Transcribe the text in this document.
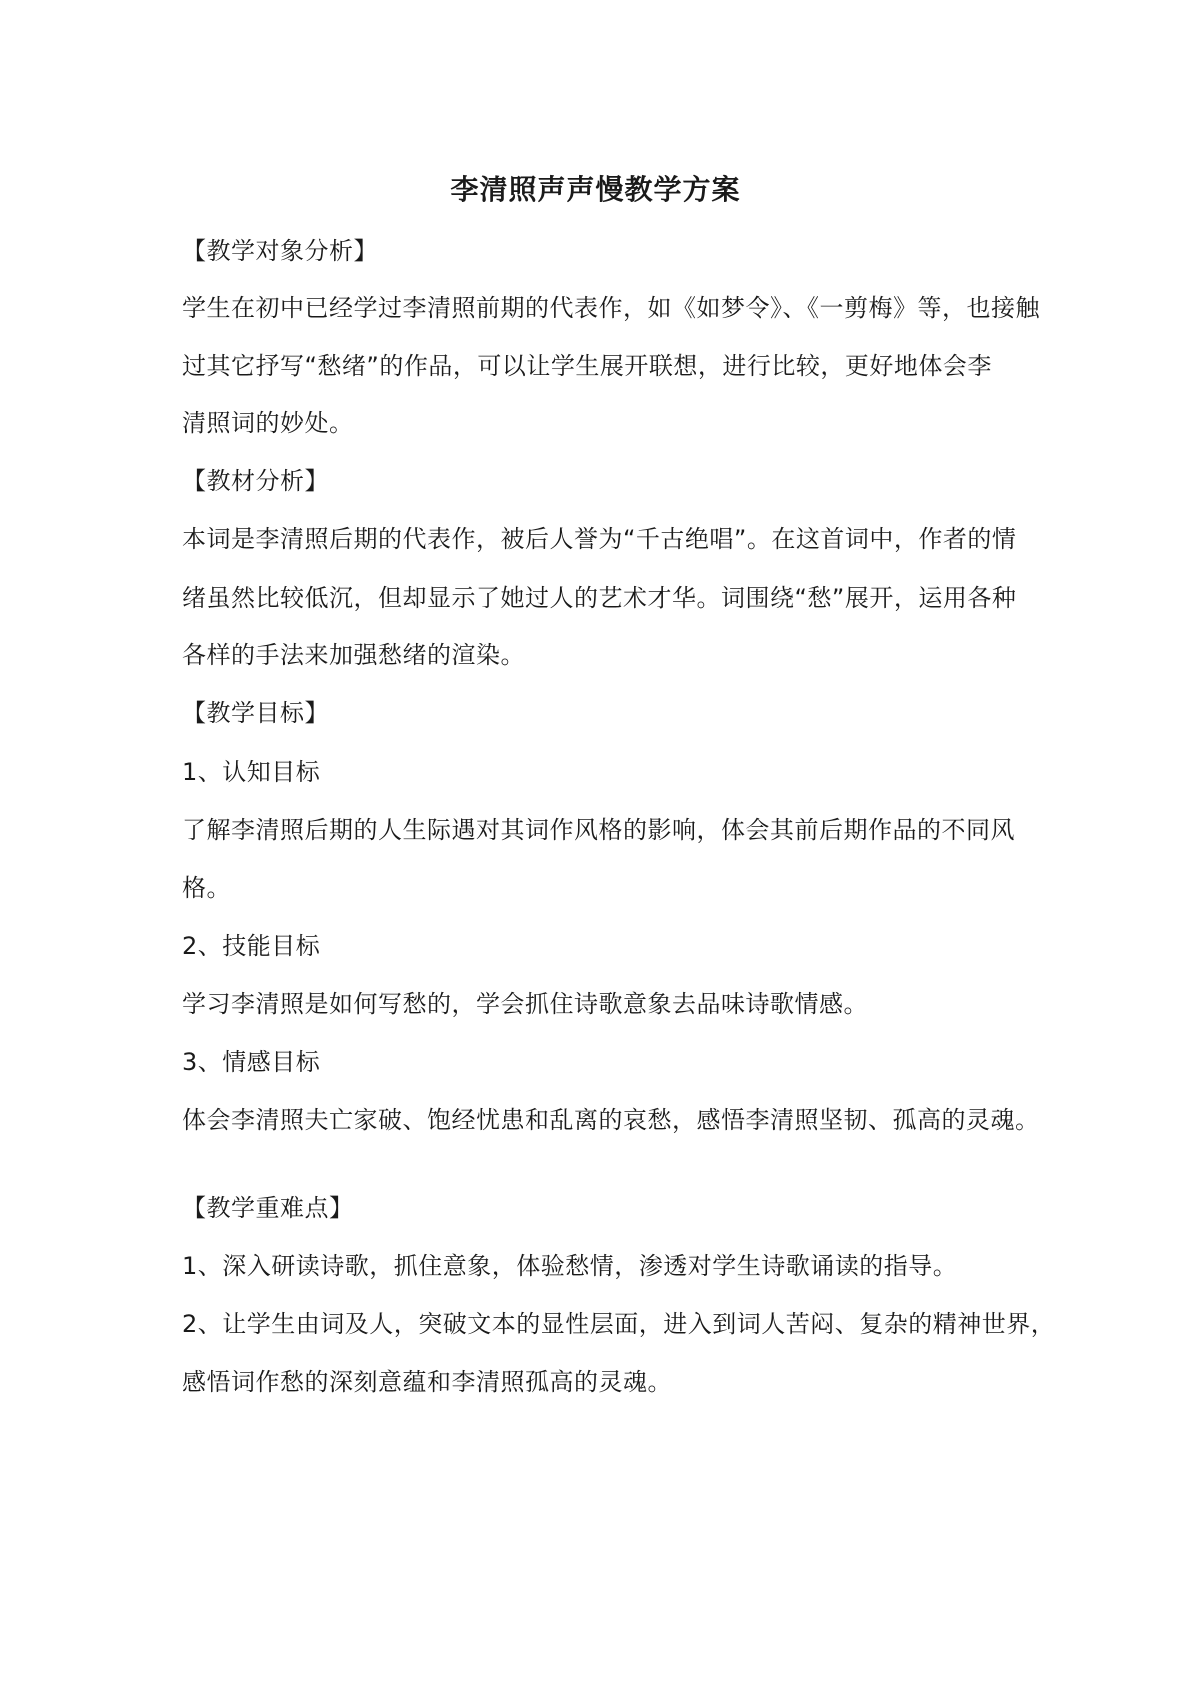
李清照声声慢教学方案
【教学对象分析】
学生在初中已经学过李清照前期的代表作，如《如梦令》、《一剪梅》等，也接触
过其它抒写“愁绪”的作品，可以让学生展开联想，进行比较，更好地体会李
清照词的妙处。
【教材分析】
本词是李清照后期的代表作，被后人誉为“千古绝唱”。在这首词中，作者的情
绪虽然比较低沉，但却显示了她过人的艺术才华。词围绕“愁”展开，运用各种
各样的手法来加强愁绪的渲染。
【教学目标】
1、认知目标
了解李清照后期的人生际遇对其词作风格的影响，体会其前后期作品的不同风
格。
2、技能目标
学习李清照是如何写愁的，学会抓住诗歌意象去品味诗歌情感。
3、情感目标
体会李清照夫亡家破、饱经忧患和乱离的哀愁，感悟李清照坚韧、孤高的灵魂。
【教学重难点】
1、深入研读诗歌，抓住意象，体验愁情，渗透对学生诗歌诵读的指导。
2、让学生由词及人，突破文本的显性层面，进入到词人苦闷、复杂的精神世界，
感悟词作愁的深刻意蕴和李清照孤高的灵魂。
